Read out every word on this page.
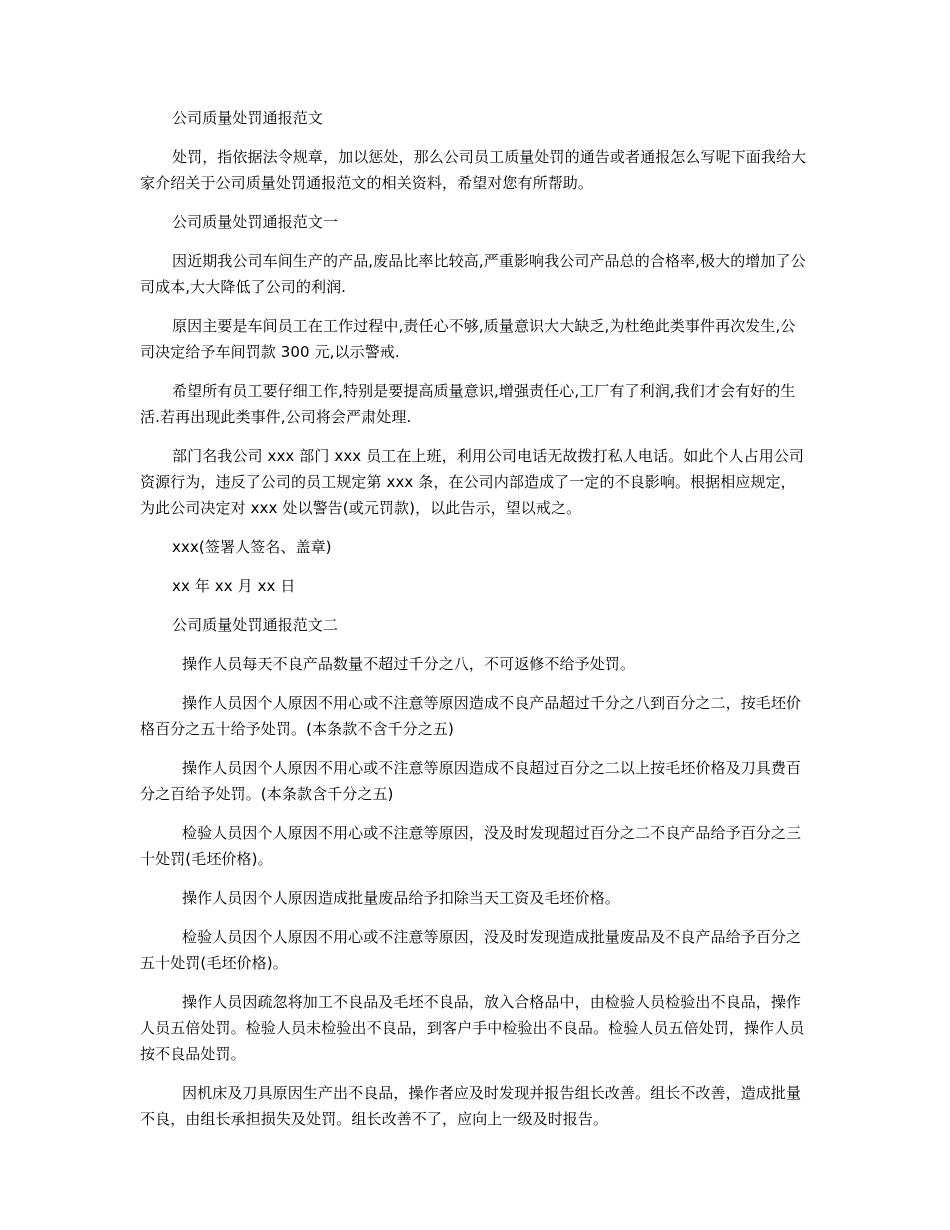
公司质量处罚通报范文

处罚，指依据法令规章，加以惩处，那么公司员工质量处罚的通告或者通报怎么写呢下面我给大家介绍关于公司质量处罚通报范文的相关资料，希望对您有所帮助。

公司质量处罚通报范文一

因近期我公司车间生产的产品,废品比率比较高,严重影响我公司产品总的合格率,极大的增加了公司成本,大大降低了公司的利润.

原因主要是车间员工在工作过程中,责任心不够,质量意识大大缺乏,为杜绝此类事件再次发生,公司决定给予车间罚款 300 元,以示警戒.

希望所有员工要仔细工作,特别是要提高质量意识,增强责任心,工厂有了利润,我们才会有好的生活.若再出现此类事件,公司将会严肃处理.

部门名我公司 xxx 部门 xxx 员工在上班，利用公司电话无故拨打私人电话。如此个人占用公司资源行为，违反了公司的员工规定第 xxx 条，在公司内部造成了一定的不良影响。根据相应规定，为此公司决定对 xxx 处以警告(或元罚款)，以此告示，望以戒之。

xxx(签署人签名、盖章)

xx 年 xx 月 xx 日

公司质量处罚通报范文二

操作人员每天不良产品数量不超过千分之八，不可返修不给予处罚。

操作人员因个人原因不用心或不注意等原因造成不良产品超过千分之八到百分之二，按毛坯价格百分之五十给予处罚。(本条款不含千分之五)

操作人员因个人原因不用心或不注意等原因造成不良超过百分之二以上按毛坯价格及刀具费百分之百给予处罚。(本条款含千分之五)

检验人员因个人原因不用心或不注意等原因，没及时发现超过百分之二不良产品给予百分之三十处罚(毛坯价格)。

操作人员因个人原因造成批量废品给予扣除当天工资及毛坯价格。

检验人员因个人原因不用心或不注意等原因，没及时发现造成批量废品及不良产品给予百分之五十处罚(毛坯价格)。

操作人员因疏忽将加工不良品及毛坯不良品，放入合格品中，由检验人员检验出不良品，操作人员五倍处罚。检验人员未检验出不良品，到客户手中检验出不良品。检验人员五倍处罚，操作人员按不良品处罚。

因机床及刀具原因生产出不良品，操作者应及时发现并报告组长改善。组长不改善，造成批量不良，由组长承担损失及处罚。组长改善不了，应向上一级及时报告。
